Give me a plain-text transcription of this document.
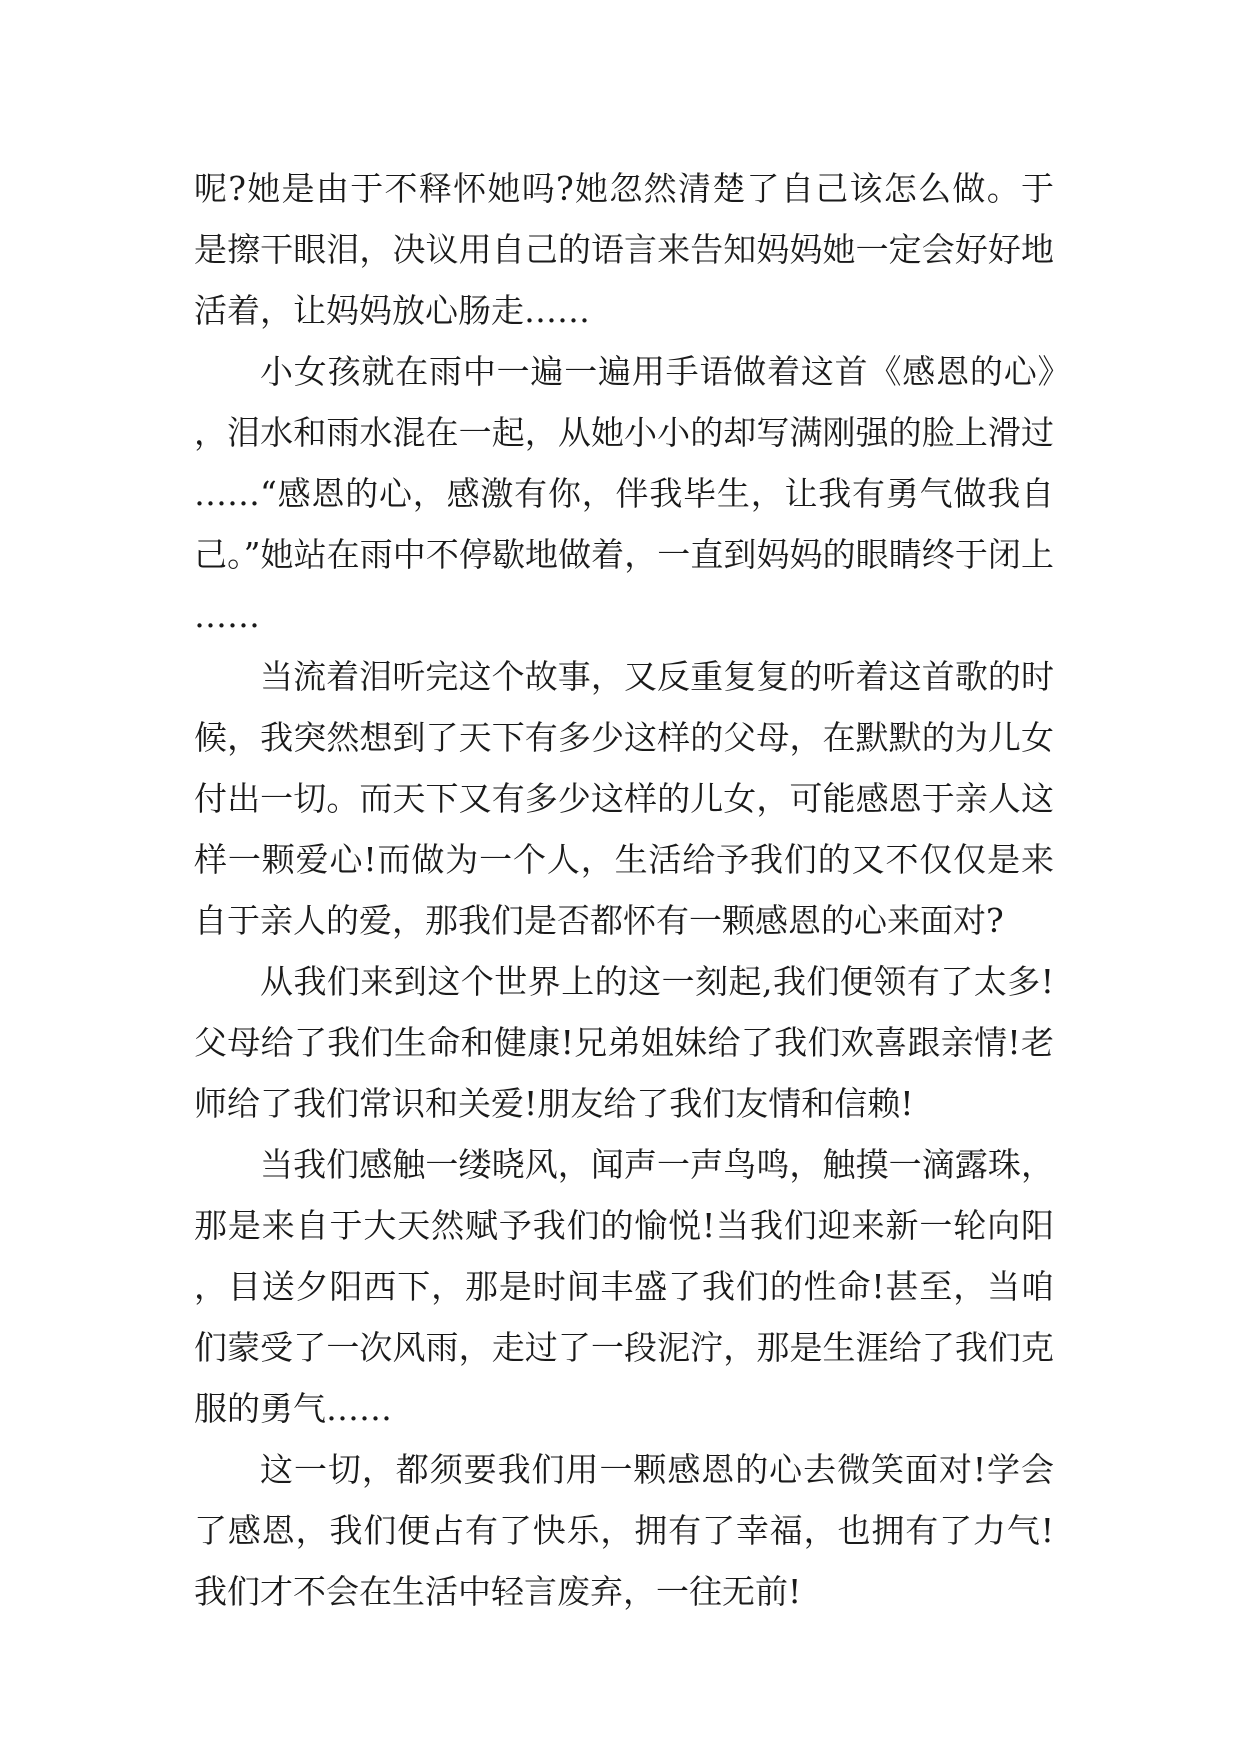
呢?她是由于不释怀她吗?她忽然清楚了自己该怎么做。于是擦干眼泪，决议用自己的语言来告知妈妈她一定会好好地活着，让妈妈放心肠走……

小女孩就在雨中一遍一遍用手语做着这首《感恩的心》，泪水和雨水混在一起，从她小小的却写满刚强的脸上滑过……“感恩的心，感激有你，伴我毕生，让我有勇气做我自己。”她站在雨中不停歇地做着，一直到妈妈的眼睛终于闭上……

当流着泪听完这个故事，又反重复复的听着这首歌的时候，我突然想到了天下有多少这样的父母，在默默的为儿女付出一切。而天下又有多少这样的儿女，可能感恩于亲人这样一颗爱心!而做为一个人，生活给予我们的又不仅仅是来自于亲人的爱，那我们是否都怀有一颗感恩的心来面对?

从我们来到这个世界上的这一刻起,我们便领有了太多!父母给了我们生命和健康!兄弟姐妹给了我们欢喜跟亲情!老师给了我们常识和关爱!朋友给了我们友情和信赖!

当我们感触一缕晓风，闻声一声鸟鸣，触摸一滴露珠，那是来自于大天然赋予我们的愉悦!当我们迎来新一轮向阳，目送夕阳西下，那是时间丰盛了我们的性命!甚至，当咱们蒙受了一次风雨，走过了一段泥泞，那是生涯给了我们克服的勇气……

这一切，都须要我们用一颗感恩的心去微笑面对!学会了感恩，我们便占有了快乐，拥有了幸福，也拥有了力气!我们才不会在生活中轻言废弃，一往无前!
